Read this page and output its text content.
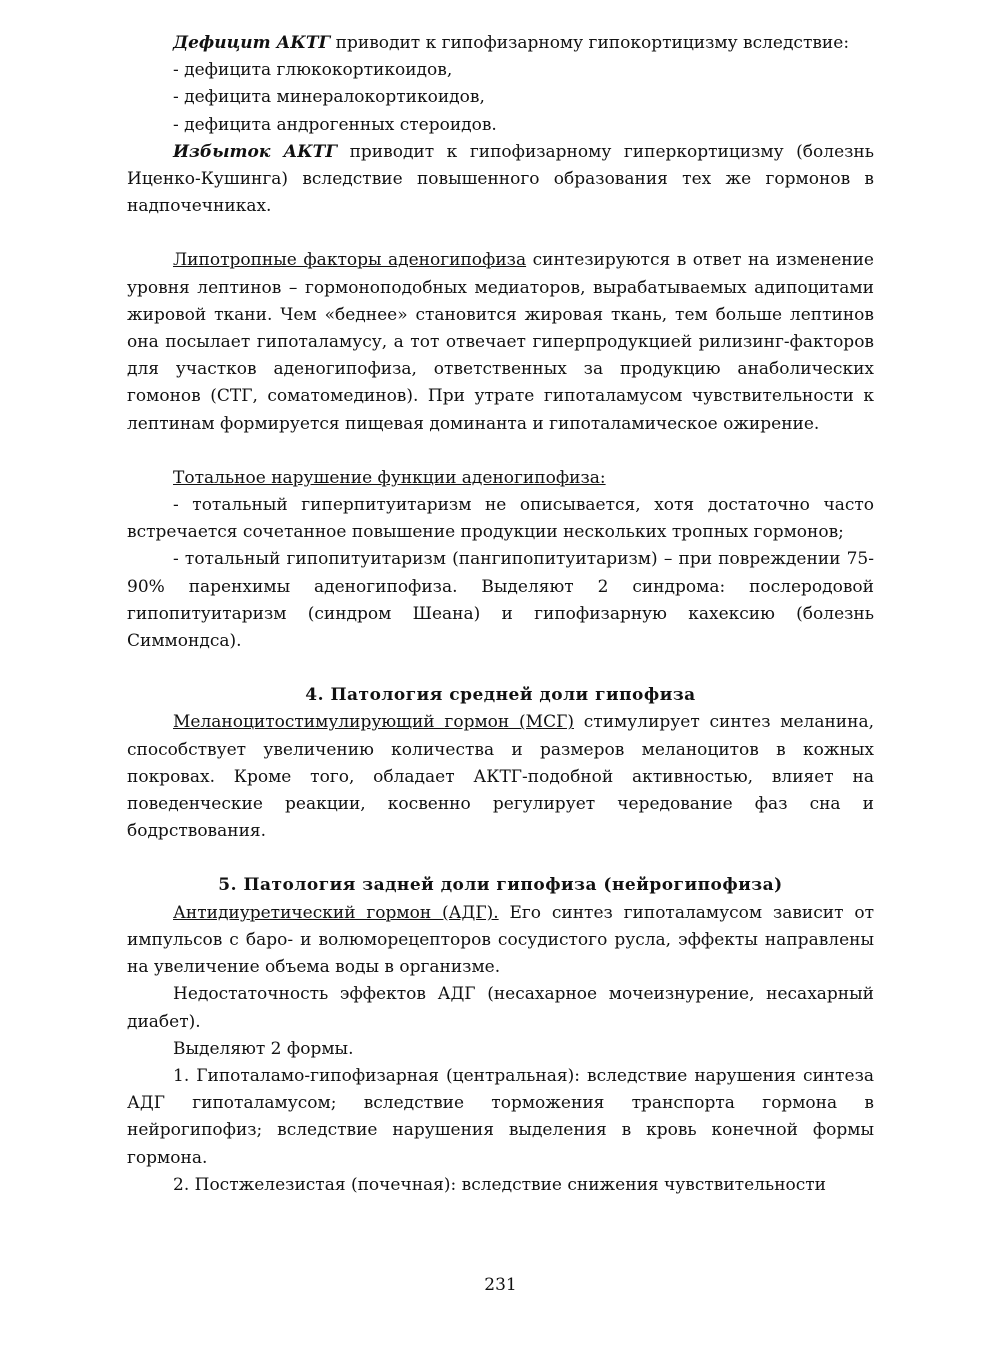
Дефицит АКТГ приводит к гипофизарному гипокортицизму вследствие:

- дефицита глюкокортикоидов,

- дефицита минералокортикоидов,

- дефицита андрогенных стероидов.

Избыток АКТГ приводит к гипофизарному гиперкортицизму (болезнь Иценко-Кушинга) вследствие повышенного образования тех же гормонов в надпочечниках.

Липотропные факторы аденогипофиза синтезируются в ответ на изменение уровня лептинов – гормоноподобных медиаторов, вырабатываемых адипоцитами жировой ткани. Чем «беднее» становится жировая ткань, тем больше лептинов она посылает гипоталамусу, а тот отвечает гиперпродукцией рилизинг-факторов для участков аденогипофиза, ответственных за продукцию анаболических гомонов (СТГ, соматомединов). При утрате гипоталамусом чувствительности к лептинам формируется пищевая доминанта и гипоталамическое ожирение.

Тотальное нарушение функции аденогипофиза:

- тотальный гиперпитуитаризм не описывается, хотя достаточно часто встречается сочетанное повышение продукции нескольких тропных гормонов;

- тотальный гипопитуитаризм (пангипопитуитаризм) – при повреждении 75-90% паренхимы аденогипофиза. Выделяют 2 синдрома: послеродовой гипопитуитаризм (синдром Шеана) и гипофизарную кахексию (болезнь Симмондса).

4. Патология средней доли гипофиза

Меланоцитостимулирующий гормон (МСГ) стимулирует синтез меланина, способствует увеличению количества и размеров меланоцитов в кожных покровах. Кроме того, обладает АКТГ-подобной активностью, влияет на поведенческие реакции, косвенно регулирует чередование фаз сна и бодрствования.

5. Патология задней доли гипофиза (нейрогипофиза)

Антидиуретический гормон (АДГ). Его синтез гипоталамусом зависит от импульсов с баро- и волюморецепторов сосудистого русла, эффекты направлены на увеличение объема воды в организме.

Недостаточность эффектов АДГ (несахарное мочеизнурение, несахарный диабет).

Выделяют 2 формы.

1. Гипоталамо-гипофизарная (центральная): вследствие нарушения синтеза АДГ гипоталамусом; вследствие торможения транспорта гормона в нейрогипофиз; вследствие нарушения выделения в кровь конечной формы гормона.

2. Постжелезистая (почечная): вследствие снижения чувствительности

231
